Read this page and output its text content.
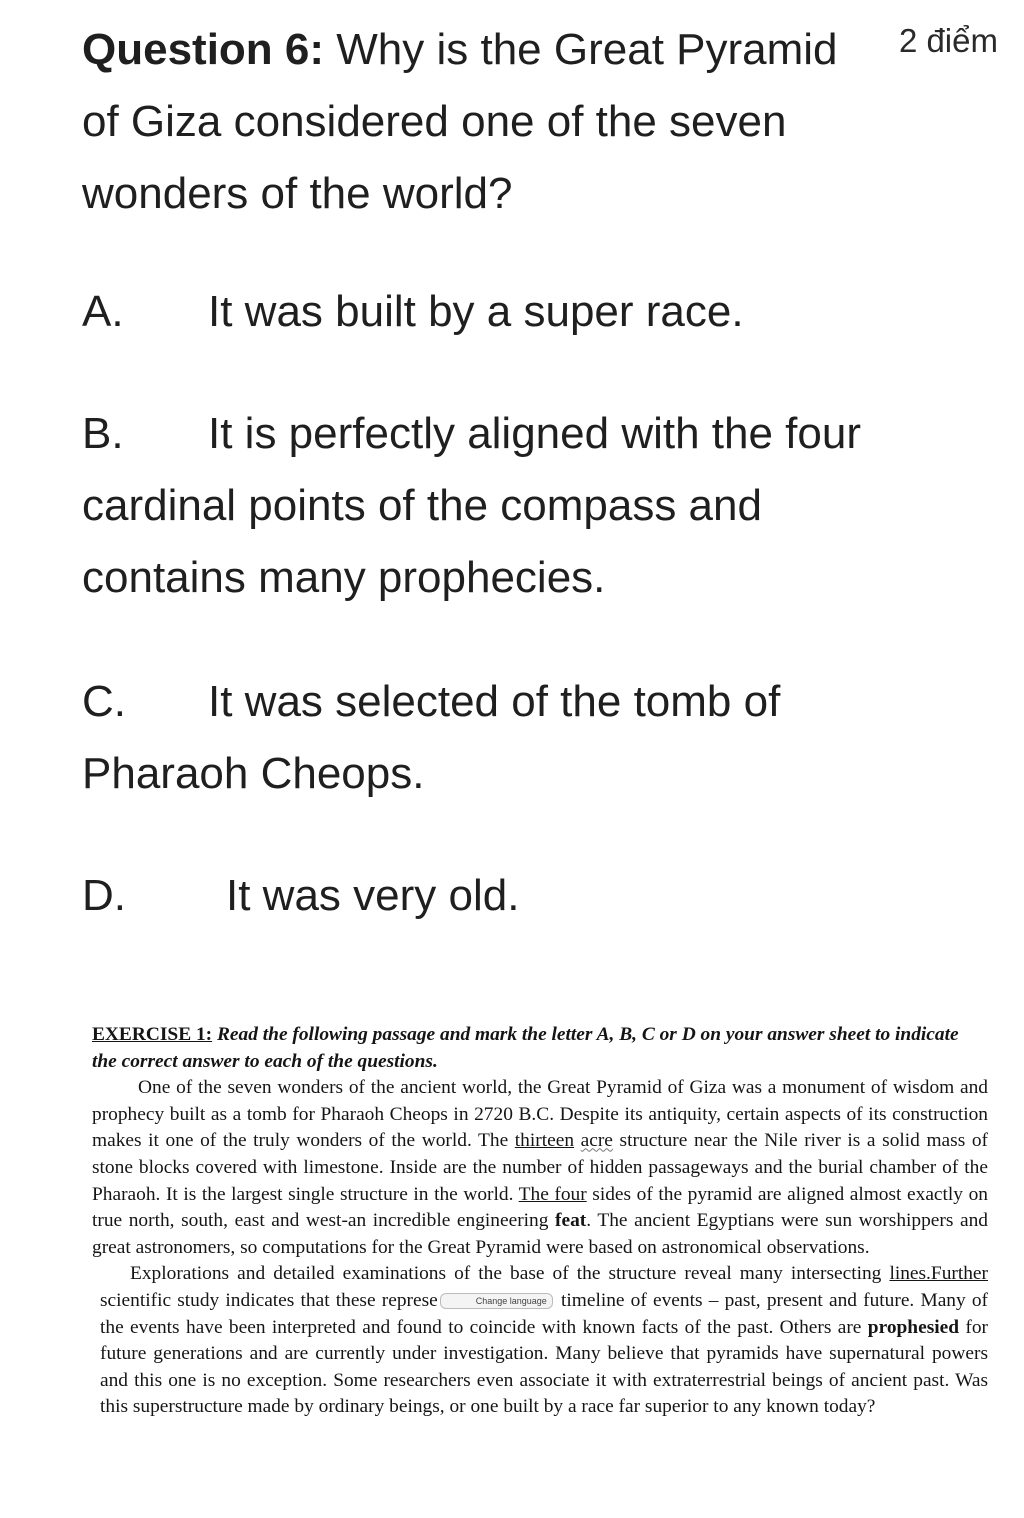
Question 6: Why is the Great Pyramid of Giza considered one of the seven wonders of the world?
2 điểm
A. It was built by a super race.
B. It is perfectly aligned with the four cardinal points of the compass and contains many prophecies.
C. It was selected of the tomb of Pharaoh Cheops.
D. It was very old.

EXERCISE 1: Read the following passage and mark the letter A, B, C or D on your answer sheet to indicate the correct answer to each of the questions.

One of the seven wonders of the ancient world, the Great Pyramid of Giza was a monument of wisdom and prophecy built as a tomb for Pharaoh Cheops in 2720 B.C. Despite its antiquity, certain aspects of its construction makes it one of the truly wonders of the world. The thirteen acre structure near the Nile river is a solid mass of stone blocks covered with limestone. Inside are the number of hidden passageways and the burial chamber of the Pharaoh. It is the largest single structure in the world. The four sides of the pyramid are aligned almost exactly on true north, south, east and west-an incredible engineering feat. The ancient Egyptians were sun worshippers and great astronomers, so computations for the Great Pyramid were based on astronomical observations.

Explorations and detailed examinations of the base of the structure reveal many intersecting lines.Further scientific study indicates that these represe	Change language timeline of events – past, present and future. Many of the events have been interpreted and found to coincide with known facts of the past. Others are prophesied for future generations and are currently under investigation. Many believe that pyramids have supernatural powers and this one is no exception. Some researchers even associate it with extraterrestrial beings of ancient past. Was this superstructure made by ordinary beings, or one built by a race far superior to any known today?
